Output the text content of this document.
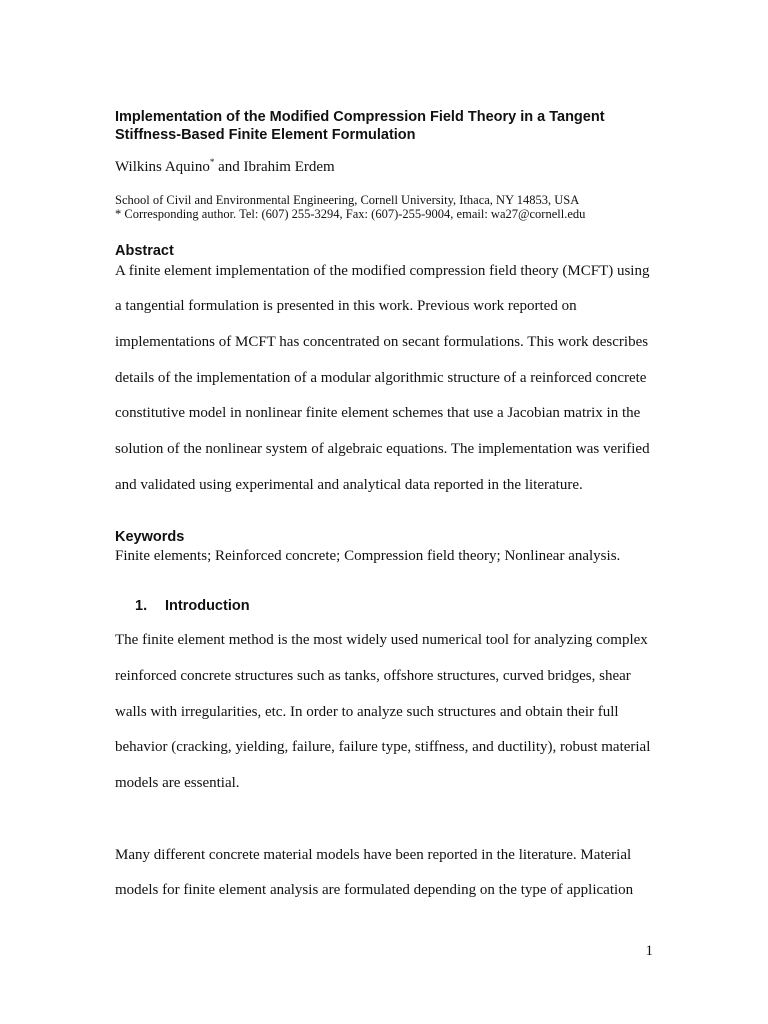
Implementation of the Modified Compression Field Theory in a Tangent
Stiffness-Based Finite Element Formulation
Wilkins Aquino* and Ibrahim Erdem
School of Civil and Environmental Engineering, Cornell University, Ithaca, NY 14853, USA
* Corresponding author. Tel: (607) 255-3294, Fax: (607)-255-9004, email: wa27@cornell.edu
Abstract
A finite element implementation of the modified compression field theory (MCFT) using
a tangential formulation is presented in this work. Previous work reported on
implementations of MCFT has concentrated on secant formulations. This work describes
details of the implementation of a modular algorithmic structure of a reinforced concrete
constitutive model in nonlinear finite element schemes that use a Jacobian matrix in the
solution of the nonlinear system of algebraic equations. The implementation was verified
and validated using experimental and analytical data reported in the literature.
Keywords
Finite elements; Reinforced concrete; Compression field theory; Nonlinear analysis.
1. Introduction
The finite element method is the most widely used numerical tool for analyzing complex
reinforced concrete structures such as tanks, offshore structures, curved bridges, shear
walls with irregularities, etc. In order to analyze such structures and obtain their full
behavior (cracking, yielding, failure, failure type, stiffness, and ductility), robust material
models are essential.
Many different concrete material models have been reported in the literature. Material
models for finite element analysis are formulated depending on the type of application
1
